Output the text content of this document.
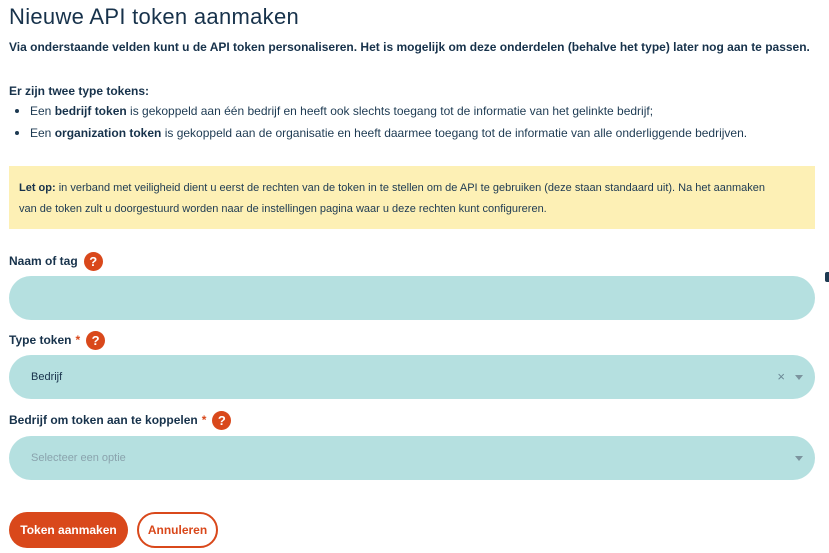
Nieuwe API token aanmaken

Via onderstaande velden kunt u de API token personaliseren. Het is mogelijk om deze onderdelen (behalve het type) later nog aan te passen.

Er zijn twee type tokens:

Een bedrijf token is gekoppeld aan één bedrijf en heeft ook slechts toegang tot de informatie van het gelinkte bedrijf;
Een organization token is gekoppeld aan de organisatie en heeft daarmee toegang tot de informatie van alle onderliggende bedrijven.
Let op: in verband met veiligheid dient u eerst de rechten van de token in te stellen om de API te gebruiken (deze staan standaard uit). Na het aanmaken
van de token zult u doorgestuurd worden naar de instellingen pagina waar u deze rechten kunt configureren.
Naam of tag ?
Type token * ?
Bedrijf	×
Bedrijf om token aan te koppelen * ?
Selecteer een optie
Token aanmaken	Annuleren
